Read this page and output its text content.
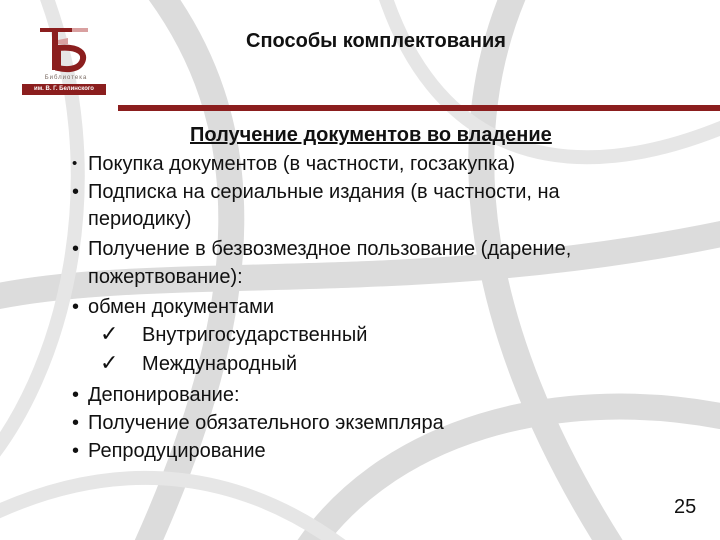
Библиотека
им. В. Г. Белинского
Способы комплектования
Получение документов во владение
• Покупка документов (в частности, госзакупка)
• Подписка на сериальные издания (в частности, на
периодику)
• Получение в безвозмездное пользование (дарение,
пожертвование):
• обмен документами
✓ Внутригосударственный
✓ Международный
• Депонирование:
• Получение обязательного экземпляра
• Репродуцирование
25
